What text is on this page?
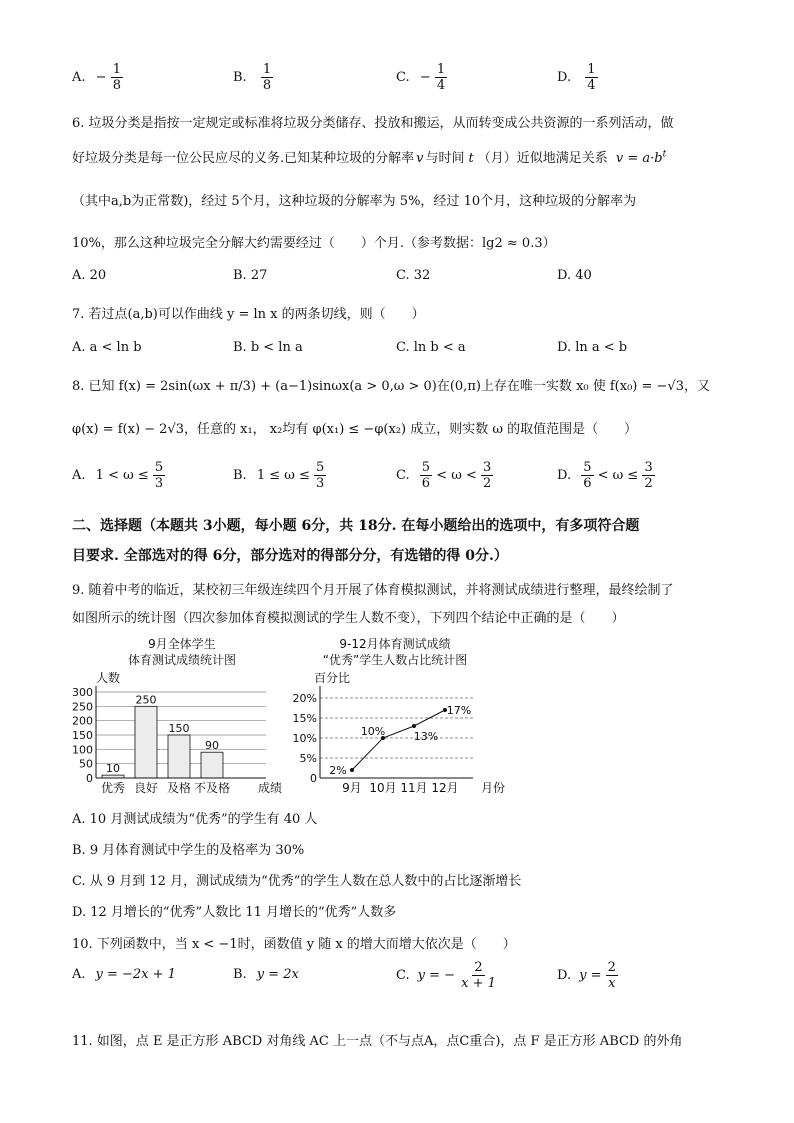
A. − $\frac{1}{8}$	B. $\frac{1}{8}$	C. − $\frac{1}{4}$	D. $\frac{1}{4}$
6. 垃圾分类是指按一定规定或标准将垃圾分类储存、投放和搬运，从而转变成公共资源的一系列活动，做
好垃圾分类是每一位公民应尽的义务.已知某种垃圾的分解率 v 与时间 t （月）近似地满足关系 $v = a\cdot b^t$
（其中a,b为正常数)，经过 5个月，这种垃圾的分解率为 5%，经过 10个月，这种垃圾的分解率为
10%，那么这种垃圾完全分解大约需要经过（　　）个月.（参考数据：lg2 ≈ 0.3）
A. 20	B. 27	C. 32	D. 40
7. 若过点(a,b)可以作曲线 y = ln x 的两条切线，则（　　）
A. a < ln b	B. b < ln a	C. ln b < a	D. ln a < b
8. 已知 f(x) = 2sin(ωx + π/3) + (a−1)sinωx(a > 0,ω > 0)在(0,π)上存在唯一实数 x₀ 使 f(x₀) = −√3，又
φ(x) = f(x) − 2√3，任意的 x₁， x₂均有 φ(x₁) ≤ −φ(x₂) 成立，则实数 ω 的取值范围是（　　）
A. $1 < \omega \le \frac{5}{3}$	B. $1 \le \omega \le \frac{5}{3}$	C. $\frac{5}{6} < \omega < \frac{3}{2}$	D. $\frac{5}{6} < \omega \le \frac{3}{2}$
二、选择题（本题共 3小题，每小题 6分，共 18分. 在每小题给出的选项中，有多项符合题
目要求. 全部选对的得 6分，部分选对的得部分分，有选错的得 0分.）
9. 随着中考的临近，某校初三年级连续四个月开展了体育模拟测试，并将测试成绩进行整理，最终绘制了
如图所示的统计图（四次参加体育模拟测试的学生人数不变），下列四个结论中正确的是（　　）
9月全体学生
体育测试成绩统计图
人数
10
250
150
90
0
50
100
150
200
250
300
优秀 良好 及格 不及格 成绩
9-12月体育测试成绩
“优秀”学生人数占比统计图
百分比
0
5%
10%
15%
20%
9月 10月 11月 12月
2%
10%	13%
17%
月份
A. 10 月测试成绩为“优秀”的学生有 40 人
B. 9 月体育测试中学生的及格率为 30%
C. 从 9 月到 12 月，测试成绩为“优秀”的学生人数在总人数中的占比逐渐增长
D. 12 月增长的“优秀”人数比 11 月增长的“优秀”人数多
10. 下列函数中，当 x < −1时，函数值 y 随 x 的增大而增大依次是（　　）
A. y = −2x + 1	B. y = 2x	C. y = − $\frac{2}{x + 1}$	D. $y = \frac{2}{x}$
11. 如图，点 E 是正方形 ABCD 对角线 AC 上一点（不与点A，点C重合)，点 F 是正方形 ABCD 的外角
